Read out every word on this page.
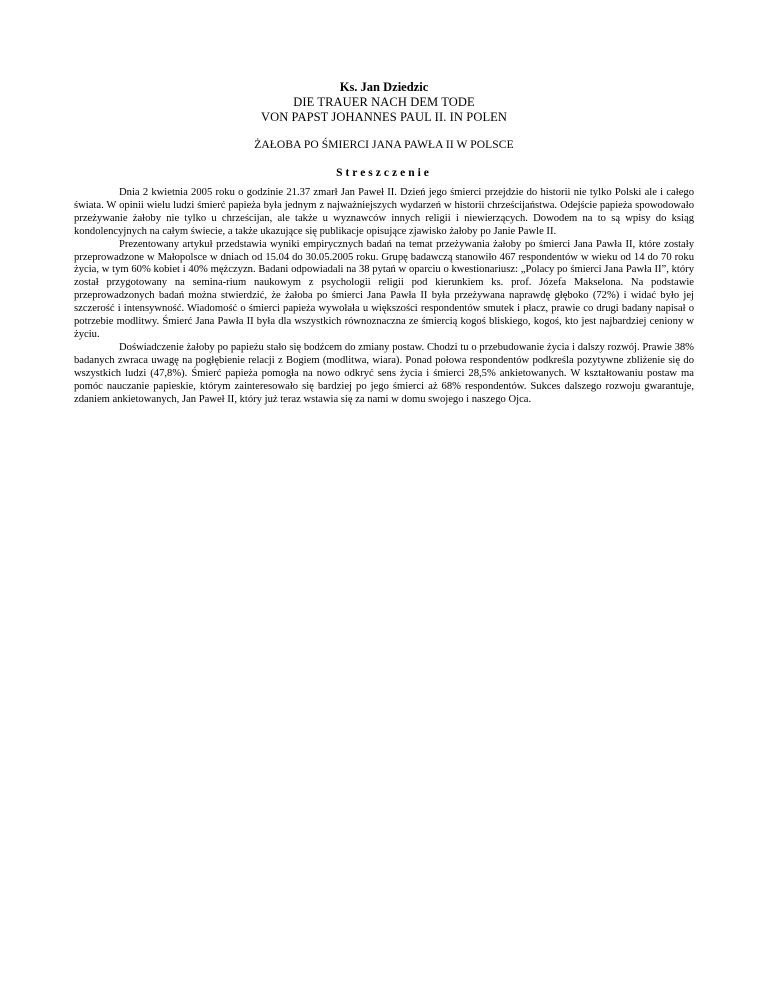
Ks. Jan Dziedzic

DIE TRAUER NACH DEM TODE

VON PAPST JOHANNES PAUL II. IN POLEN

ŻAŁOBA PO ŚMIERCI JANA PAWŁA II W POLSCE

Streszczenie

Dnia 2 kwietnia 2005 roku o godzinie 21.37 zmarł Jan Paweł II. Dzień jego śmierci przejdzie do historii nie tylko Polski ale i całego świata. W opinii wielu ludzi śmierć papieża była jednym z najważniejszych wydarzeń w historii chrześcijaństwa. Odejście papieża spowodowało przeżywanie żałoby nie tylko u chrześcijan, ale także u wyznawców innych religii i niewierzących. Dowodem na to są wpisy do ksiąg kondolencyjnych na całym świecie, a także ukazujące się publikacje opisujące zjawisko żałoby po Janie Pawle II.

Prezentowany artykuł przedstawia wyniki empirycznych badań na temat przeżywania żałoby po śmierci Jana Pawła II, które zostały przeprowadzone w Małopolsce w dniach od 15.04 do 30.05.2005 roku. Grupę badawczą stanowiło 467 respondentów w wieku od 14 do 70 roku życia, w tym 60% kobiet i 40% mężczyzn. Badani odpowiadali na 38 pytań w oparciu o kwestionariusz: „Polacy po śmierci Jana Pawła II”, który został przygotowany na semina-rium naukowym z psychologii religii pod kierunkiem ks. prof. Józefa Makselona. Na podstawie przeprowadzonych badań można stwierdzić, że żałoba po śmierci Jana Pawła II była przeżywana naprawdę głęboko (72%) i widać było jej szczerość i intensywność. Wiadomość o śmierci papieża wywołała u większości respondentów smutek i płacz, prawie co drugi badany napisał o potrzebie modlitwy. Śmierć Jana Pawła II była dla wszystkich równoznaczna ze śmiercią kogoś bliskiego, kogoś, kto jest najbardziej ceniony w życiu.

Doświadczenie żałoby po papieżu stało się bodźcem do zmiany postaw. Chodzi tu o przebudowanie życia i dalszy rozwój. Prawie 38% badanych zwraca uwagę na pogłębienie relacji z Bogiem (modlitwa, wiara). Ponad połowa respondentów podkreśla pozytywne zbliżenie się do wszystkich ludzi (47,8%). Śmierć papieża pomogła na nowo odkryć sens życia i śmierci 28,5% ankietowanych. W kształtowaniu postaw ma pomóc nauczanie papieskie, którym zainteresowało się bardziej po jego śmierci aż 68% respondentów. Sukces dalszego rozwoju gwarantuje, zdaniem ankietowanych, Jan Paweł II, który już teraz wstawia się za nami w domu swojego i naszego Ojca.
